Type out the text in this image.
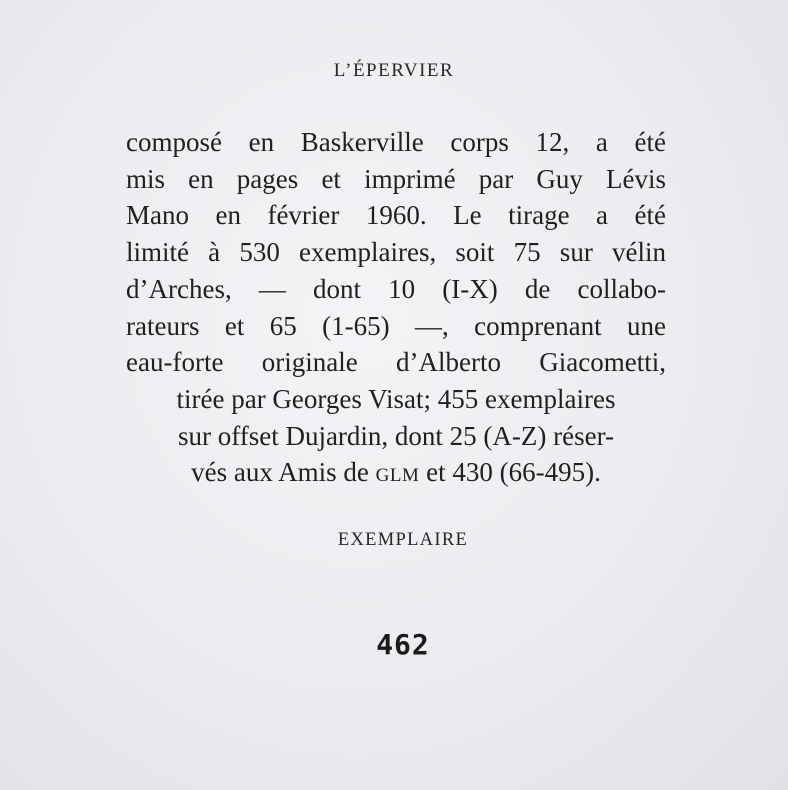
L’ÉPERVIER
composé en Baskerville corps 12, a été
mis en pages et imprimé par Guy Lévis
Mano en février 1960. Le tirage a été
limité à 530 exemplaires, soit 75 sur vélin
d’Arches, — dont 10 (I-X) de collabo-
rateurs et 65 (1-65) —, comprenant une
eau-forte originale d’Alberto Giacometti,
tirée par Georges Visat; 455 exemplaires
sur offset Dujardin, dont 25 (A-Z) réser-
vés aux Amis de GLM et 430 (66-495).
EXEMPLAIRE
462
